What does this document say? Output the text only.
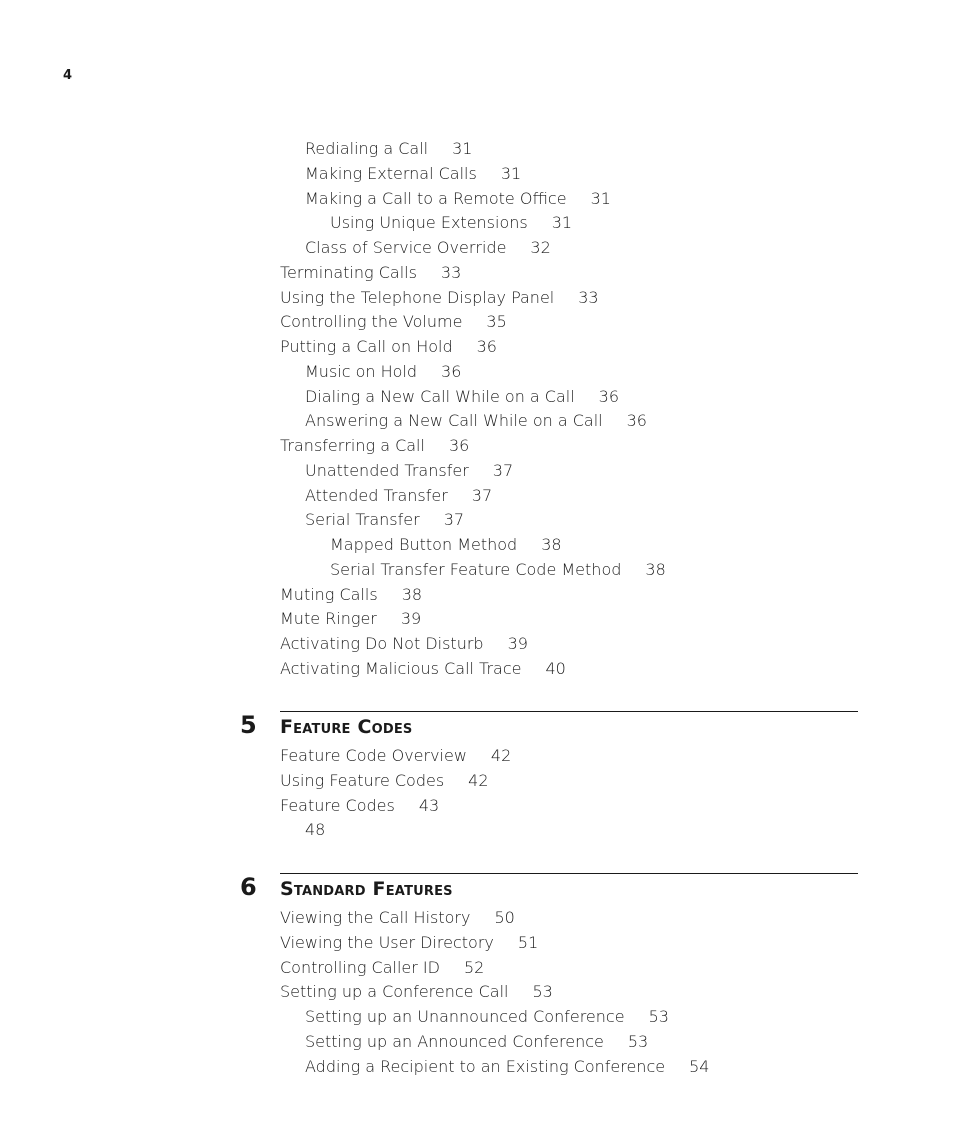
4
Redialing a Call 31
Making External Calls 31
Making a Call to a Remote Office 31
Using Unique Extensions 31
Class of Service Override 32
Terminating Calls 33
Using the Telephone Display Panel 33
Controlling the Volume 35
Putting a Call on Hold 36
Music on Hold 36
Dialing a New Call While on a Call 36
Answering a New Call While on a Call 36
Transferring a Call 36
Unattended Transfer 37
Attended Transfer 37
Serial Transfer 37
Mapped Button Method 38
Serial Transfer Feature Code Method 38
Muting Calls 38
Mute Ringer 39
Activating Do Not Disturb 39
Activating Malicious Call Trace 40
5 Feature Codes
Feature Code Overview 42
Using Feature Codes 42
Feature Codes 43
48
6 Standard Features
Viewing the Call History 50
Viewing the User Directory 51
Controlling Caller ID 52
Setting up a Conference Call 53
Setting up an Unannounced Conference 53
Setting up an Announced Conference 53
Adding a Recipient to an Existing Conference 54
